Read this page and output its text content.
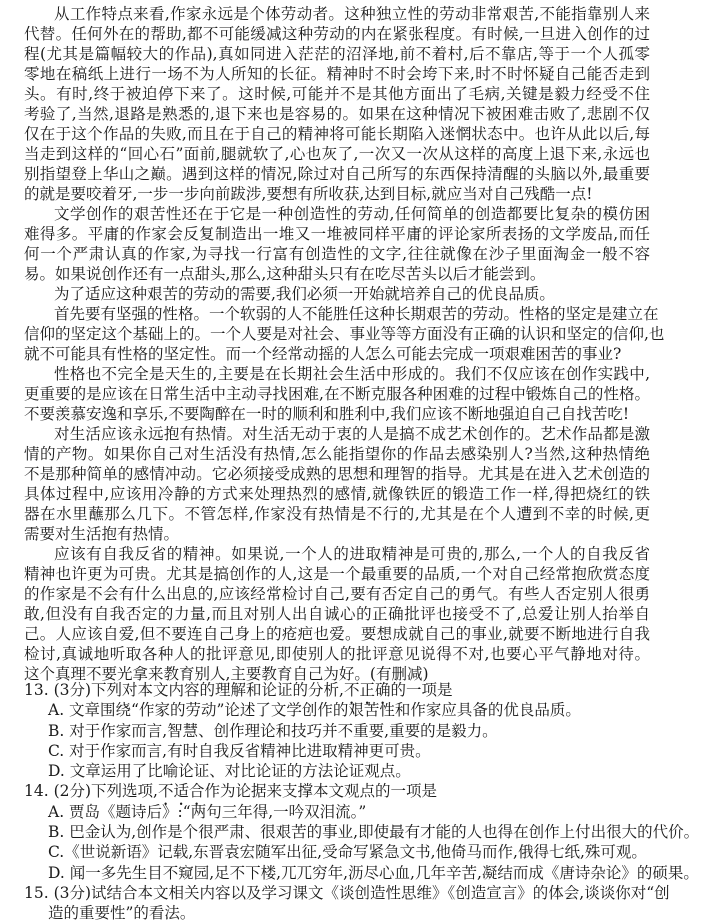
从工作特点来看,作家永远是个体劳动者。这种独立性的劳动非常艰苦,不能指靠别人来
代替。任何外在的帮助,都不可能缓减这种劳动的内在紧张程度。有时候,一旦进入创作的过
程(尤其是篇幅较大的作品),真如同进入茫茫的沼泽地,前不着村,后不靠店,等于一个人孤零
零地在稿纸上进行一场不为人所知的长征。精神时不时会垮下来,时不时怀疑自己能否走到
头。有时,终于被迫停下来了。这时候,可能并不是其他方面出了毛病,关键是毅力经受不住
考验了,当然,退路是熟悉的,退下来也是容易的。如果在这种情况下被困难击败了,悲剧不仅
仅在于这个作品的失败,而且在于自己的精神将可能长期陷入迷惘状态中。也许从此以后,每
当走到这样的“回心石”面前,腿就软了,心也灰了,一次又一次从这样的高度上退下来,永远也
别指望登上华山之巅。遇到这样的情况,除过对自己所写的东西保持清醒的头脑以外,最重要
的就是要咬着牙,一步一步向前跋涉,要想有所收获,达到目标,就应当对自己残酷一点!
文学创作的艰苦性还在于它是一种创造性的劳动,任何简单的创造都要比复杂的模仿困
难得多。平庸的作家会反复制造出一堆又一堆被同样平庸的评论家所表扬的文学废品,而任
何一个严肃认真的作家,为寻找一行富有创造性的文字,往往就像在沙子里面淘金一般不容
易。如果说创作还有一点甜头,那么,这种甜头只有在吃尽苦头以后才能尝到。
为了适应这种艰苦的劳动的需要,我们必须一开始就培养自己的优良品质。
首先要有坚强的性格。一个软弱的人不能胜任这种长期艰苦的劳动。性格的坚定是建立在
信仰的坚定这个基础上的。一个人要是对社会、事业等等方面没有正确的认识和坚定的信仰,也
就不可能具有性格的坚定性。而一个经常动摇的人怎么可能去完成一项艰难困苦的事业?
性格也不完全是天生的,主要是在长期社会生活中形成的。我们不仅应该在创作实践中,
更重要的是应该在日常生活中主动寻找困难,在不断克服各种困难的过程中锻炼自己的性格。
不要羡慕安逸和享乐,不要陶醉在一时的顺利和胜利中,我们应该不断地强迫自己自找苦吃!
对生活应该永远抱有热情。对生活无动于衷的人是搞不成艺术创作的。艺术作品都是激
情的产物。如果你自己对生活没有热情,怎么能指望你的作品去感染别人?当然,这种热情绝
不是那种简单的感情冲动。它必须接受成熟的思想和理智的指导。尤其是在进入艺术创造的
具体过程中,应该用冷静的方式来处理热烈的感情,就像铁匠的锻造工作一样,得把烧红的铁
器在水里蘸那么几下。不管怎样,作家没有热情是不行的,尤其是在个人遭到不幸的时候,更
需要对生活抱有热情。
应该有自我反省的精神。如果说,一个人的进取精神是可贵的,那么,一个人的自我反省
精神也许更为可贵。尤其是搞创作的人,这是一个最重要的品质,一个对自己经常抱欣赏态度
的作家是不会有什么出息的,应该经常检讨自己,要有否定自己的勇气。有些人否定别人很勇
敢,但没有自我否定的力量,而且对别人出自诚心的正确批评也接受不了,总爱让别人抬举自
己。人应该自爱,但不要连自己身上的疮疤也爱。要想成就自己的事业,就要不断地进行自我
检讨,真诚地听取各种人的批评意见,即使别人的批评意见说得不对,也要心平气静地对待。
这个真理不要光拿来教育别人,主要教育自己为好。(有删减)
13. (3分)下列对本文内容的理解和论证的分析,不正确的一项是
A. 文章围绕“作家的劳动”论述了文学创作的艰苦性和作家应具备的优良品质。
B. 对于作家而言,智慧、创作理论和技巧并不重要,重要的是毅力。
C. 对于作家而言,有时自我反省精神比进取精神更可贵。
D. 文章运用了比喻论证、对比论证的方法论证观点。
14. (2分)下列选项,不适合作为论据来支撑本文观点的一项是
A. 贾岛《题诗后》:“两句三年得,一吟双泪流。”
B. 巴金认为,创作是个很严肃、很艰苦的事业,即使最有才能的人也得在创作上付出很大的代价。
C.《世说新语》记载,东晋袁宏随军出征,受命写紧急文书,他倚马而作,俄得七纸,殊可观。
D. 闻一多先生目不窥园,足不下楼,兀兀穷年,沥尽心血,几年辛苦,凝结而成《唐诗杂论》的硕果。
15. (3分)试结合本文相关内容以及学习课文《谈创造性思维》《创造宣言》的体会,谈谈你对“创
造的重要性”的看法。
